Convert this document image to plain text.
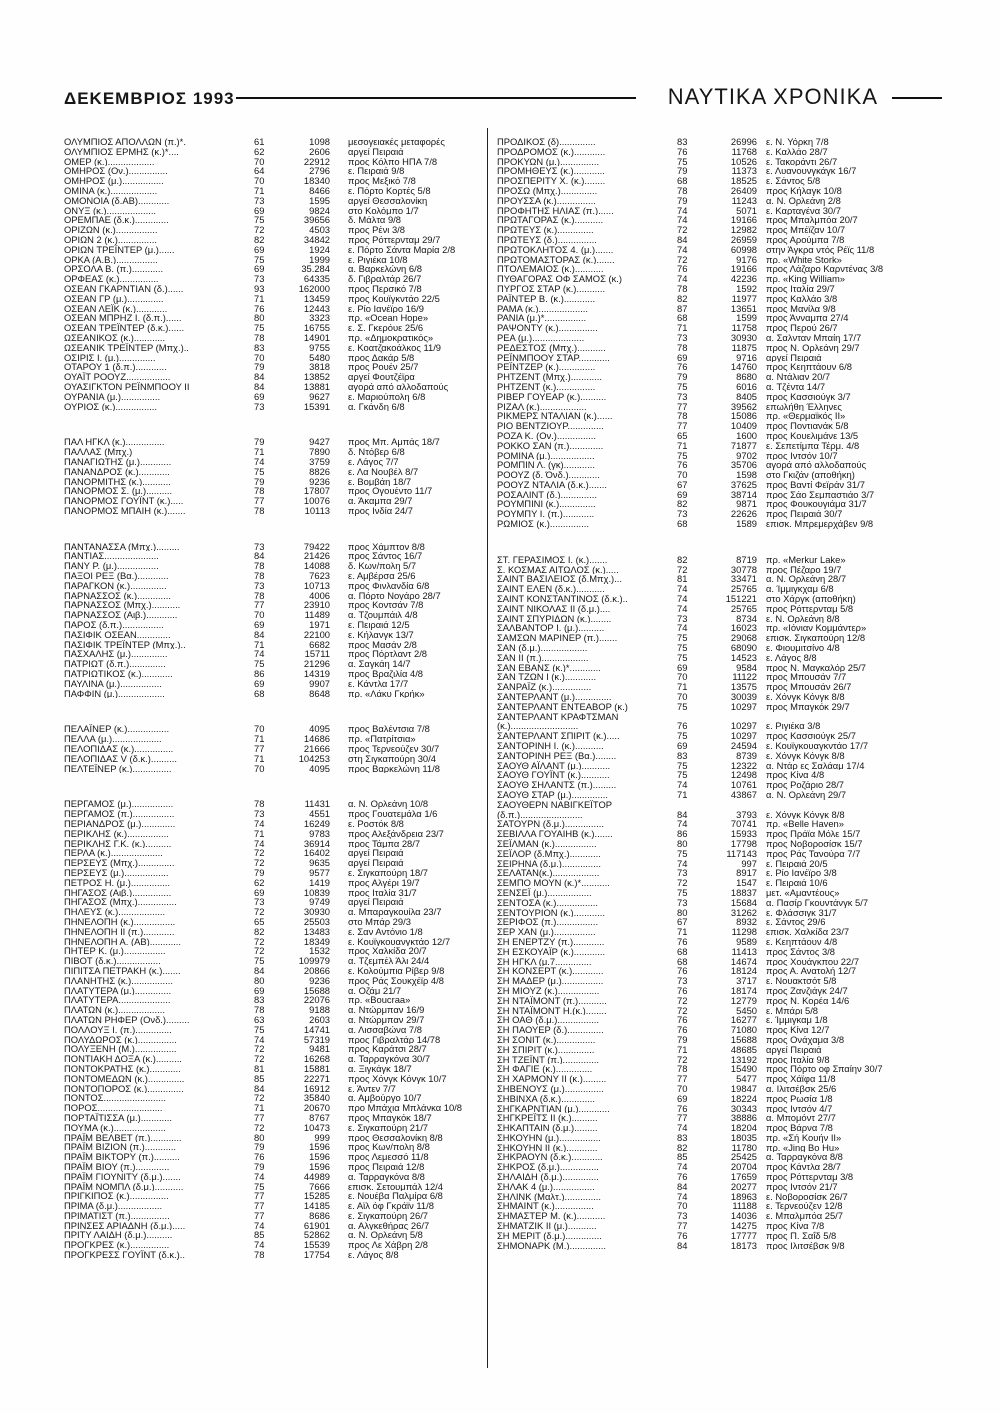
ΔΕΚΕΜΒΡΙΟΣ 1993	ΝΑΥΤΙΚΑ ΧΡΟΝΙΚΑ
ΟΛΥΜΠΙΟΣ ΑΠΟΛΛΩΝ (π.)*.	61	1098 μεσογειακές μεταφορές
ΟΛΥΜΠΙΟΣ ΕΡΜΗΣ (κ.)*....	62	2606 αργεί Πειραιά
ΟΜΕΡ (κ.)..................	70	22912 προς Κόλπο ΗΠΑ 7/8
ΟΜΗΡΟΣ (Ον.)...............	64	2796 ε. Πειραιά 9/8
ΟΜΗΡΟΣ (μ.)................	70	18340 προς Μεξικό 7/8
ΟΜΙΝΑ (κ.)..................	71	8466 ε. Πόρτο Κορτές 5/8
ΟΜΟΝΟΙΑ (δ.ΑΒ)............	73	1595 αργεί Θεσσαλονίκη
ΟΝΥΞ (κ.)...................	69	9824 στο Κολόμπο 1/7
ΟΡΕΜΠΑΕ (δ.κ.).............	75	39656 δ. Μάλτα 9/8
ΟΡΙΖΩΝ (κ.)................	72	4503 προς Ρένι 3/8
ΟΡΙΩΝ 2 (κ.)...............	82	34842 προς Ρόττερνταμ 29/7
ΟΡΙΩΝ ΤΡΕΪΝΤΕΡ (μ.)......	69	1924 ε. Πόρτο Σάντα Μαρία 2/8
ΟΡΚΑ (Α.Β.)................	75	1999 ε. Ριγιέκα 10/8
ΟΡΣΟΛΑ Β. (π.)............	69	35.284 α. Βαρκελώνη 6/8
ΟΡΦΕΑΣ (κ.)...............	73	64335 δ. Γιβραλτάρ 26/7
ΟΣΕΑΝ ΓΚΑΡΝΤΙΑΝ (δ.)......	93	162000 προς Περσικό 7/8
ΟΣΕΑΝ ΓΡ (μ.)..............	71	13459 προς Κουϊγκντάο 22/5
ΟΣΕΑΝ ΛΕΪΚ (κ.)............	76	12443 ε. Ρίο Ιανέϊρο 16/9
ΟΣΕΑΝ ΜΠΡΗΖ Ι. (δ.π.)......	80	3323 πρ. «Ocean Hope»
ΟΣΕΑΝ ΤΡΕΪΝΤΕΡ (δ.κ.)......	75	16755 ε. Σ. Γκερόυε 25/6
ΩΣΕΑΝΙΚΟΣ (κ.)............	78	14901 πρ. «Δημοκρατικός»
ΩΣΕΑΝΙΚ ΤΡΕΪΝΤΕΡ (Μπχ.)..	83	9755 ε. Κοατζακοάλκος 11/9
ΟΣΙΡΙΣ Ι. (μ.)..............	70	5480 προς Δακάρ 5/8
ΟΤΑΡΟΥ 1 (δ.π.)............	79	3818 προς Ρουέν 25/7
ΟΥΑΪΤ ΡΟΟΥΖ.................	84	13852 αργεί Φουτζέϊρα
ΟΥΑΣΙΓΚΤΟΝ ΡΕΪΝΜΠΟΟΥ ΙΙ	84	13881 αγορά από αλλοδαπούς
ΟΥΡΑΝΙΑ (μ.)...............	69	9627 ε. Μαριούπολη 6/8
ΟΥΡΙΟΣ (κ.)................	73	15391 α. Γκάνδη 6/8
ΠΑΛ ΗΓΚΛ (κ.)...............	79	9427 προς Μπ. Αμπάς 18/7
ΠΑΛΛΑΣ (Μπχ.)	71	7890 δ. Ντόβερ 6/8
ΠΑΝΑΓΙΩΤΗΣ (μ.)............	74	3759 ε. Λάγος 7/7
ΠΑΝΑΝΔΡΟΣ (κ.)............	75	8826 ε. Λα Νουβέλ 8/7
ΠΑΝΟΡΜΙΤΗΣ (κ.)...........	79	9236 ε. Βομβάη 18/7
ΠΑΝΟΡΜΟΣ Σ. (μ.)..........	78	17807 προς Ογουέντο 11/7
ΠΑΝΟΡΜΟΣ ΓΟΥΪΝΤ (κ.).....	77	10076 α. Άκαμπα 29/7
ΠΑΝΟΡΜΟΣ ΜΠΑΙΗ (κ.).......	78	10113 προς Ινδία 24/7
ΠΑΝΤΑΝΑΣΣΑ (Μπχ.).........	73	79422 προς Χάμπτον 8/8
ΠΑΝΤΙΑΣ.....................	84	21426 προς Σάντος 16/7
ΠΑΝΥ Ρ. (μ.)................	78	14088 δ. Κων/πολη 5/7
ΠΑΞΟΙ ΡΕΞ (Βα.)............	78	7623 ε. Αμβέρσα 25/6
ΠΑΡΑΓΚΟΝ (κ.)..............	73	10713 προς Φινλανδία 6/8
ΠΑΡΝΑΣΣΟΣ (κ.).............	78	4006 α. Πόρτο Νογάρο 28/7
ΠΑΡΝΑΣΣΟΣ (Μπχ.)...........	77	23910 προς Κοντσάν 7/8
ΠΑΡΝΑΣΣΟΣ (Αιβ.)............	70	11489 α. Τζουμπάιλ 4/8
ΠΑΡΟΣ (δ.π.)................	69	1971 ε. Πειραιά 12/5
ΠΑΣΙΦΙΚ ΟΣΕΑΝ.............	84	22100 ε. Κήλανγκ 13/7
ΠΑΣΙΦΙΚ ΤΡΕΪΝΤΕΡ (Μπχ.)..	71	6682 προς Μασάν 2/8
ΠΑΣΧΑΛΗΣ (μ.)..............	74	15711 προς Πόρτλαντ 2/8
ΠΑΤΡΙΩΤ (δ.π.)..............	75	21296 α. Σαγκάη 14/7
ΠΑΤΡΙΩΤΙΚΟΣ (κ.)............	86	14319 προς Βραζιλία 4/8
ΠΑΥΛΙΝΑ (μ.)................	69	9907 ε. Κάντλα 17/7
ΠΑΦΦΙΝ (μ.)..................	68	8648 πρ. «Λάκυ Γκρήκ»
ΠΕΛΑΪΝΕΡ (κ.)................	70	4095 προς Βαλέντσια 7/8
ΠΕΛΛΑ (μ.)...................	71	14686 πρ. «Πατρίτσια»
ΠΕΛΟΠΙΔΑΣ (κ.)...............	77	21666 προς Τερνεούζεν 30/7
ΠΕΛΟΠΙΔΑΣ V (δ.κ.)..........	71	104253 στη Σιγκαπούρη 30/4
ΠΕΛΤΕΪΝΕΡ (κ.)...............	70	4095 προς Βαρκελώνη 11/8
ΠΕΡΓΑΜΟΣ (μ.)................	78	11431 α. Ν. Ορλεάνη 10/8
ΠΕΡΓΑΜΟΣ (π.)................	73	4551 προς Γουατεμάλα 1/6
ΠΕΡΙΑΝΔΡΟΣ (μ.).............	74	16249 ε. Ροστόκ 8/8
ΠΕΡΙΚΛΗΣ (κ.)................	71	9783 προς Αλεξάνδρεια 23/7
ΠΕΡΙΚΛΗΣ Γ.Κ. (κ.)..........	74	36914 προς Τάμπα 28/7
ΠΕΡΛΑ (κ.)....................	72	16402 αργεί Πειραιά
ΠΕΡΣΕΥΣ (Μπχ.)..............	72	9635 αργεί Πειραιά
ΠΕΡΣΕΥΣ (μ.).................	79	9577 ε. Σιγκαπούρη 18/7
ΠΕΤΡΟΣ Η. (μ.)...............	62	1419 προς Αλγέρι 19/7
ΠΗΓΑΣΟΣ (Αιβ.)...............	69	10839 προς Ιταλία 31/7
ΠΗΓΑΣΟΣ (Μπχ.)...............	73	9749 αργεί Πειραιά
ΠΗΛΕΥΣ (κ.)..................	72	30930 α. Μπαραγκουίλα 23/7
ΠΗΝΕΛΟΠΗ (κ.)................	65	25503 στο Μπάρ 29/3
ΠΗΝΕΛΟΠΗ ΙΙ (π.)............	82	13483 ε. Σαν Αντόνιο 1/8
ΠΗΝΕΛΟΠΗ Α. (ΑΒ)............	72	18349 ε. Κουϊγκουανγκτάο 12/7
ΠΗΤΕΡ Κ. (μ.)................	72	1532 προς Χαλκίδα 20/7
ΠΙΒΟΤ (δ.κ.).................	75	109979 α. Τζεμπέλ Άλι 24/4
ΠΙΠΙΤΣΑ ΠΕΤΡΑΚΗ (κ.).......	84	20866 ε. Κολούμπια Ρίβερ 9/8
ΠΛΑΝΗΤΗΣ (κ.)................	80	9236 προς Ράς Σουκχέϊρ 4/8
ΠΛΑΤΥΤΕΡΑ (μ.)..............	69	15688 α. Οζάμ 21/7
ΠΛΑΤΥΤΕΡΑ....................	83	22076 πρ. «Boucraa»
ΠΛΑΤΩΝ (κ.)..................	78	9188 α. Ντώρμπαν 16/9
ΠΛΑΤΩΝ ΡΗΦΕΡ (Ονδ.).........	63	2603 α. Ντώρμπαν 29/7
ΠΟΛΛΟΥΞ Ι. (π.)..............	75	14741 α. Λισσαβώνα 7/8
ΠΟΛΥΔΩΡΟΣ (κ.)...............	74	57319 προς Γιβραλτάρ 14/78
ΠΟΛΥΞΕΝΗ (Μ.)................	72	9481 προς Καράτσι 28/7
ΠΟΝΤΙΑΚΗ ΔΟΞΑ (κ.)..........	72	16268 α. Ταρραγκόνα 30/7
ΠΟΝΤΟΚΡΑΤΗΣ (κ.)............	81	15881 α. Ξιγκάγκ 18/7
ΠΟΝΤΟΜΕΔΩΝ (κ.)..............	85	22271 προς Χόνγκ Κόνγκ 10/7
ΠΟΝΤΟΠΟΡΟΣ (κ.)..............	84	16912 ε. Άντεν 7/7
ΠΟΝΤΟΣ........................	72	35840 α. Αμβούργο 10/7
ΠΟΡΟΣ.........................	71	20670 προ Μπάχια Μπλάνκα 10/8
ΠΟΡΤΑΪΤΙΣΣΑ (μ.)............	77	8767 προς Μπαγκόκ 18/7
ΠΟΥΜΑ (κ.)....................	72	10473 ε. Σιγκαπούρη 21/7
ΠΡΑΪΜ ΒΕΛΒΕΤ (π.)............	80	999 προς Θεσσαλονίκη 8/8
ΠΡΑΪΜ ΒΙΖΙΟΝ (π.)............	79	1596 προς Κων/πολη 8/8
ΠΡΑΪΜ ΒΙΚΤΟΡΥ (π.)..........	76	1596 προς Λεμεσσό 11/8
ΠΡΑΪΜ ΒΙΟΥ (π.).............	79	1596 προς Πειραιά 12/8
ΠΡΑΪΜ ΓΙΟΥΝΙΤΥ (δ.μ.).......	74	44989 α. Ταρραγκόνα 8/8
ΠΡΑΪΜ ΝΟΜΠΛ (δ.μ.)...........	75	7666 επισκ. Σετουμπάλ 12/4
ΠΡΙΓΚΙΠΟΣ (κ.)...............	77	15285 ε. Νουέβα Παλμίρα 6/8
ΠΡΙΜΑ (δ.μ.).................	77	14185 ε. Αϊλ όφ Γκράϊν 11/8
ΠΡΙΜΑΤΙΣΤ (π.)...............	77	8686 ε. Σιγκαπούρη 26/7
ΠΡΙΝΣΕΣ ΑΡΙΑΔΝΗ (δ.μ.).....	74	61901 α. Αλγκεθήρας 26/7
ΠΡΙΤΥ ΛΑΙΔΗ (δ.μ.)..........	85	52862 α. Ν. Ορλεάνη 5/8
ΠΡΟΓΚΡΕΣ (κ.)...............	74	15539 προς Λε Χάβρη 2/8
ΠΡΟΓΚΡΕΣΣ ΓΟΥΪΝΤ (δ.κ.)..	78	17754 ε. Λάγος 8/8
ΠΡΟΔΙΚΟΣ (δ)..............	83	26996 ε. Ν. Υόρκη 7/8
ΠΡΟΔΡΟΜΟΣ (κ.)............	76	11768 ε. Καλλάο 28/7
ΠΡΟΚΥΩΝ (μ.)...............	75	10526 ε. Τακοράντι 26/7
ΠΡΟΜΗΘΕΥΣ (κ.)............	79	11373 ε. Λυανουνγκάγκ 16/7
ΠΡΟΣΠΕΡΙΤΥ Χ. (κ.)........	68	18525 ε. Σάντος 5/8
ΠΡΟΣΩ (Μπχ.)..............	78	26409 προς Κήλαγκ 10/8
ΠΡΟΥΣΣΑ (κ.)...............	79	11243 α. Ν. Ορλεάνη 2/8
ΠΡΟΦΗΤΗΣ ΗΛΙΑΣ (π.)......	74	5071 ε. Καρταγένα 30/7
ΠΡΩΤΑΓΟΡΑΣ (κ.)...........	74	19166 προς Μπαλμπόα 20/7
ΠΡΩΤΕΥΣ (κ.)..............	72	12982 προς Μπέϊζαν 10/7
ΠΡΩΤΕΥΣ (δ.)...............	84	26959 προς Αρούμπα 7/8
ΠΡΩΤΟΚΛΗΤΟΣ 4. (μ.).......	74	60998 στην Άγκρα ντός Ρέϊς 11/8
ΠΡΩΤΟΜΑΣΤΟΡΑΣ (κ.).......	72	9176 πρ. «White Stork»
ΠΤΟΛΕΜΑΙΟΣ (κ.)...........	76	19166 προς Λάζαρο Καρντένας 3/8
ΠΥΘΑΓΟΡΑΣ ΟΦ ΣΑΜΟΣ (κ.)	74	42236 πρ. «King William»
ΠΥΡΓΟΣ ΣΤΑΡ (κ.)...........	78	1592 προς Ιταλία 29/7
ΡΑΪΝΤΕΡ Β. (κ.)............	82	11977 προς Καλλάο 3/8
ΡΑΜΑ (κ.)...................	87	13651 προς Μανίλα 9/8
ΡΑΝΙΑ (μ.)*................	68	1599 προς Άνναμπα 27/4
ΡΑΨΟΝΤΥ (κ.)...............	71	11758 προς Περού 26/7
ΡΕΑ (μ.)....................	73	30930 α. Σαλνταν Μπαίη 17/7
ΡΕΔΕΣΤΟΣ (Μπχ.)...........	78	11875 προς Ν. Ορλεάνη 29/7
ΡΕΪΝΜΠΟΟΥ ΣΤΑΡ............	69	9716 αργεί Πειραιά
ΡΕΪΝΤΖΕΡ (κ.)..............	76	14760 προς Κεηπτάουν 6/8
ΡΗΤΖΕΝΤ (Μπχ.)............	79	8680 α. Ντάλιαν 20/7
ΡΗΤΖΕΝΤ (κ.)...............	75	6016 α. Τζέντα 14/7
ΡΙΒΕΡ ΓΟΥΕΑΡ (κ.)..........	73	8405 προς Κασσιούγκ 3/7
ΡΙΖΑΛ (κ.)..................	77	39562 επωλήθη Έλληνες
ΡΙΚΜΕΡΣ ΝΤΑΛΙΑΝ (κ.)......	78	15086 πρ. «Θερμαϊκός ΙΙ»
ΡΙΟ ΒΕΝΤΖΙΟΥΡ..............	77	10409 προς Ποντιανάκ 5/8
ΡΟΖΑ Κ. (Ον.)...............	65	1600 προς Κουελιμάνε 13/5
ΡΟΚΚΟ ΣΑΝ (π.).............	71	71877 ε. Σεπετίμπα Τέρμ. 4/8
ΡΟΜΙΝΑ (μ.).................	75	9702 προς Ιντσόν 10/7
ΡΟΜΠΙΝ Λ. (γκ)............	76	35706 αγορά από αλλοδαπούς
ΡΟΟΥΖ (δ. Όνδ.)............	70	1598 στο Γκιζάν (αποθήκη)
ΡΟΟΥΖ ΝΤΑΛΙΑ (δ.κ.).......	67	37625 προς Βαντί Φεϊράν 31/7
ΡΟΣΑΛΙΝΤ (δ.)..............	69	38714 προς Σάο Σεμπαστιάο 3/7
ΡΟΥΜΠΙΝΙ (κ.)..............	82	9871 προς Φουκουγιάμα 31/7
ΡΟΥΜΠΥ Ι. (π.)............	73	22626 προς Πειραιά 30/7
ΡΩΜΙΟΣ (κ.)...............	68	1589 επισκ. Μπρεμερχάβεν 9/8
ΣΤ. ΓΕΡΑΣΙΜΟΣ Ι. (κ.).......	82	8719 πρ. «Merkur Lake»
Σ. ΚΟΣΜΑΣ ΑΙΤΩΛΟΣ (κ.).....	72	30778 προς Πέζαρο 19/7
ΣΑΙΝΤ ΒΑΣΙΛΕΙΟΣ (δ.Μπχ.)...	81	33471 α. Ν. Ορλεάνη 28/7
ΣΑΙΝΤ ΕΛΕΝ (δ.κ.)...........	74	25765 α. Ίμμιγκχαμ 6/8
ΣΑΙΝΤ ΚΟΝΣΤΑΝΤΙΝΟΣ (δ.κ.)..	74	151221 στο Χάργκ (αποθήκη)
ΣΑΙΝΤ ΝΙΚΟΛΑΣ ΙΙ (δ.μ.)....	74	25765 προς Ρόττερνταμ 5/8
ΣΑΙΝΤ ΣΠΥΡΙΔΩΝ (κ.)........	73	8734 ε. Ν. Ορλεάνη 8/8
ΣΑΛΒΑΝΤΟΡ Ι. (μ.)..........	74	16023 πρ. «Ιόνιαν Κομμάντερ»
ΣΑΜΣΩΝ ΜΑΡΙΝΕΡ (π.).......	75	29068 επισκ. Σιγκαπούρη 12/8
ΣΑΝ (δ.μ.)..................	75	68090 ε. Φιουμιτσίνο 4/8
ΣΑΝ ΙΙ (π.)..................	75	14523 ε. Λάγος 8/8
ΣΑΝ ΕΒΑΝΣ (κ.)*............	69	9584 προς Ν. Μαγκαλόρ 25/7
ΣΑΝ ΤΖΩΝ Ι (κ.)............	70	11122 προς Μπουσάν 7/7
ΣΑΝΡΑΪΖ (κ.)...............	71	13575 προς Μπουσάν 26/7
ΣΑΝΤΕΡΛΑΝΤ (μ.)..............	70	30039 ε. Χόνγκ Κόνγκ 8/8
ΣΑΝΤΕΡΛΑΝΤ ΕΝΤΕΑΒΟΡ (κ.)	75	10297 προς Μπαγκόκ 29/7
ΣΑΝΤΕΡΛΑΝΤ ΚΡΑΦΤΣΜΑΝ
(κ.)..........................	76	10297 ε. Ριγιέκα 3/8
ΣΑΝΤΕΡΛΑΝΤ ΣΠΙΡΙΤ (κ.).....	75	10297 προς Κασσιούγκ 25/7
ΣΑΝΤΟΡΙΝΗ Ι. (κ.)...........	69	24594 ε. Κουϊγκουαγκντάο 17/7
ΣΑΝΤΟΡΙΝΗ ΡΕΞ (Βα.)........	83	8739 ε. Χόνγκ Κόνγκ 8/8
ΣΑΟΥΘ ΑΪΛΑΝΤ (μ.)...........	75	12322 α. Ντάρ ες Σαλάαμ 17/4
ΣΑΟΥΘ ΓΟΥΪΝΤ (κ.)...........	75	12498 προς Κίνα 4/8
ΣΑΟΥΘ ΣΗΛΑΝΤΣ (π.).........	74	10761 προς Ροζάριο 28/7
ΣΑΟΥΘ ΣΤΑΡ (μ.)..............	71	43867 α. Ν. Ορλεάνη 29/7
ΣΑΟΥΘΕΡΝ ΝΑΒΙΓΚΕΪΤΟΡ
(δ.π.)........................	84	3793 ε. Χόνγκ Κόνγκ 8/8
ΣΑΤΟΥΡΝ (δ.μ.)...............	74	70741 πρ. «Belle Haven»
ΣΕΒΙΛΛΑ ΓΟΥΑΙΗΒ (κ.).......	86	15933 προς Πράϊα Μόλε 15/7
ΣΕΪΛΜΑΝ (κ.)................	80	17798 προς Νοβοροσίσκ 15/7
ΣΕΪΛΟΡ (δ.Μπχ.)............	75	117143 προς Ράς Τανούρα 7/7
ΣΕΙΡΗΝΑ (δ.μ.)...............	74	997 ε. Πειραιά 20/5
ΣΕΛΑΤΑΝ(κ.)..................	73	8917 ε. Ρίο Ιανέϊρο 3/8
ΣΕΜΠΟ ΜΟΥΝ (κ.)*...........	72	1547 ε. Πειραιά 10/6
ΣΕΝΣΕΪ (μ.).................	75	18837 μετ. «Αμαντέους»
ΣΕΝΤΟΣΑ (κ.)................	73	15684 α. Πασίρ Γκουντάνγκ 5/7
ΣΕΝΤΟΥΡΙΟΝ (κ.)............	80	31262 ε. Φλάσσιγκ 31/7
ΣΕΡΙΦΟΣ (π.)................	67	8932 ε. Σάντος 29/6
ΣΕΡ ΧΑΝ (μ.)................	71	11298 επισκ. Χαλκίδα 23/7
ΣΗ ΕΝΕΡΤΖΥ (π.)............	76	9589 ε. Κεηπτάουν 4/8
ΣΗ ΕΣΚΟΥΑΪΡ (κ.)............	68	11413 προς Σάντος 3/8
ΣΗ ΗΓΚΛ (μ.7..............	68	14674 προς Χουάγκπου 22/7
ΣΗ ΚΟΝΣΕΡΤ (κ.)............	76	18124 προς Α. Ανατολή 12/7
ΣΗ ΜΑΔΕΡ (μ.)................	73	3717 ε. Νουακτσότ 5/8
ΣΗ ΜΙΟΥΖ (κ.)................	76	18174 προς Ζανζιάγκ 24/7
ΣΗ ΝΤΑΪΜΟΝΤ (π.)...........	72	12779 προς Ν. Κορέα 14/6
ΣΗ ΝΤΑΪΜΟΝΤ Η.(κ.)........	72	5450 ε. Μπάρι 5/8
ΣΗ ΟΑΘ (δ.μ.)................	76	16277 ε. Ίμμιγκαμ 1/8
ΣΗ ΠΑΟΥΕΡ (δ.)..............	76	71080 προς Κίνα 12/7
ΣΗ ΣΟΝΙΤ (κ.)...............	79	15688 προς Ονάχαμα 3/8
ΣΗ ΣΠΙΡΙΤ (κ.)..............	71	48685 αργεί Πειραιά
ΣΗ ΤΖΕΪΝΤ (π.)..............	72	13192 προς Ιταλία 9/8
ΣΗ ΦΑΓΙΕ (κ.)..............	78	15490 προς Πόρτο οφ Σπαίην 30/7
ΣΗ ΧΑΡΜΟΝΥ ΙΙ (κ.).........	77	5477 προς Χάϊφα 11/8
ΣΗΒΕΝΟΥΣ (μ.)...............	70	19847 α. Ιλιτσέβσκ 25/6
ΣΗΒΙΝΧΑ (δ.κ.).............	69	18224 προς Ρωσία 1/8
ΣΗΓΚΑΡΝΤΙΑΝ (μ.)............	76	30343 προς Ιντσόν 4/7
ΣΗΓΚΡΕΪΤΣ ΙΙ (κ.)..........	77	38886 α. Μπομόντ 27/7
ΣΗΚΑΠΤΑΙΝ (δ.μ.).........	74	18204 προς Βάρνα 7/8
ΣΗΚΟΥΗΝ (μ.)................	83	18035 πρ. «Σή Κουήν ΙΙ»
ΣΗΚΟΥΗΝ ΙΙ (κ.)............	82	11780 πρ. «Jing Bo Hu»
ΣΗΚΡΑΟΥΝ (δ.κ.)............	85	25425 α. Ταρραγκόνα 8/8
ΣΗΚΡΟΣ (δ.μ.)...............	74	20704 προς Κάντλα 28/7
ΣΗΛΑΙΔΗ (δ.μ.)..............	76	17659 προς Ρόττερνταμ 3/8
ΣΗΛΑΚ 4 (μ.)................	84	20277 προς Ιντσόν 21/7
ΣΗΛΙΝΚ (Μαλτ.)..............	74	18963 ε. Νοβοροσίσκ 26/7
ΣΗΜΑΙΝΤ (κ.)...............	70	11188 ε. Τερνεούζεν 12/8
ΣΗΜΑΣΤΕΡ Μ. (κ.)...........	73	14036 ε. Μπαλμπόα 25/7
ΣΗΜΑΤΖΙΚ ΙΙ (μ.)...........	77	14275 προς Κίνα 7/8
ΣΗ ΜΕΡΙΤ (δ.μ.)..............	76	17777 προς Π. Σαΐδ 5/8
ΣΗΜΟΝΑΡΚ (Μ.)..............	84	18173 προς Ιλιτσέβσκ 9/8
